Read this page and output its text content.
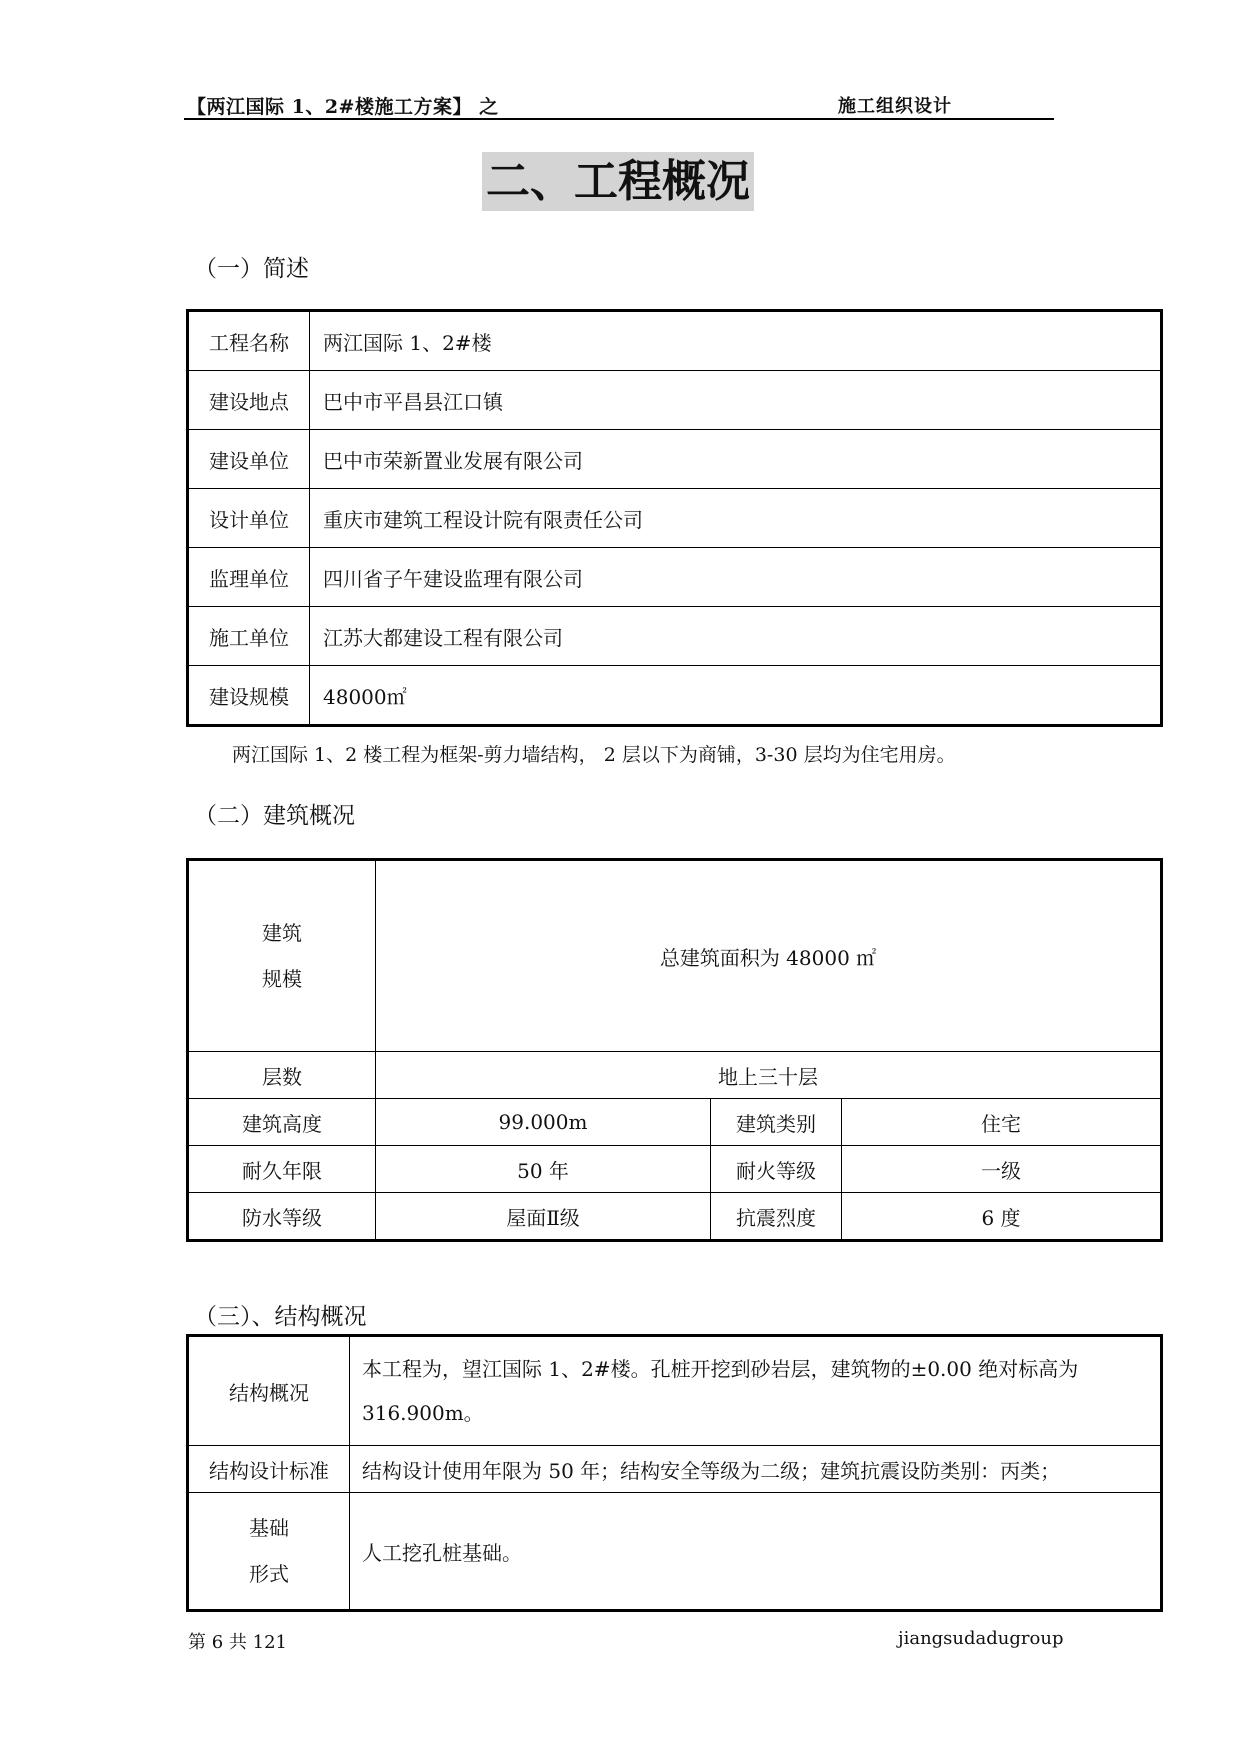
【两江国际 1、2#楼施工方案】 之	施工组织设计
二、工程概况
（一）简述
工程名称	两江国际 1、2#楼
建设地点	巴中市平昌县江口镇
建设单位	巴中市荣新置业发展有限公司
设计单位	重庆市建筑工程设计院有限责任公司
监理单位	四川省子午建设监理有限公司
施工单位	江苏大都建设工程有限公司
建设规模	48000㎡
两江国际 1、2 楼工程为框架-剪力墙结构， 2 层以下为商铺，3-30 层均为住宅用房。
（二）建筑概况
建筑
规模	总建筑面积为 48000 ㎡		
层数	地上三十层		
建筑高度	99.000m	建筑类别	住宅
耐久年限	50 年	耐火等级	一级
防水等级	屋面Ⅱ级	抗震烈度	6 度
（三）、结构概况
结构概况	本工程为，望江国际 1、2#楼。孔桩开挖到砂岩层，建筑物的±0.00 绝对标高为 316.900m。
结构设计标准	结构设计使用年限为 50 年；结构安全等级为二级；建筑抗震设防类别：丙类；

基础
形式	人工挖孔桩基础。
第 6 共 121	jiangsudadugroup
